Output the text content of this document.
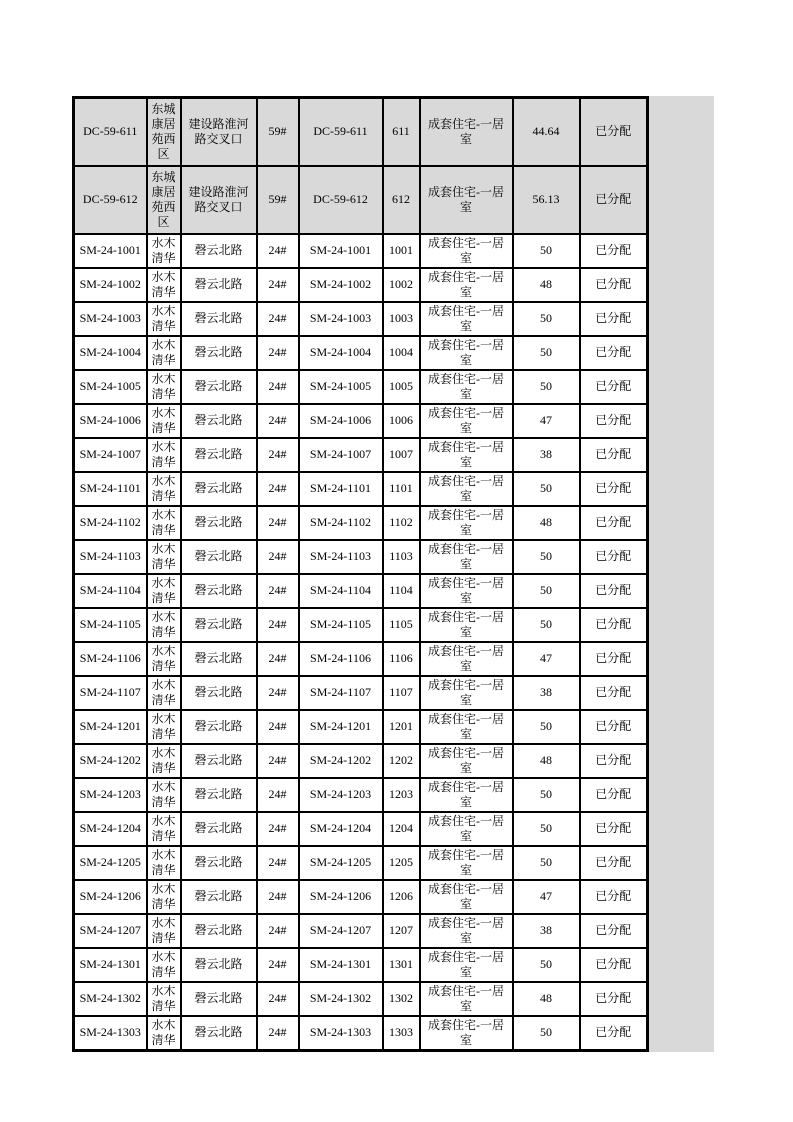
DC-59-611	东城康居苑西区	建设路淮河路交叉口	59#	DC-59-611	611	成套住宅-一居室	44.64	已分配
DC-59-612	东城康居苑西区	建设路淮河路交叉口	59#	DC-59-612	612	成套住宅-一居室	56.13	已分配
SM-24-1001	水木清华	磬云北路	24#	SM-24-1001	1001	成套住宅-一居室	50	已分配
SM-24-1002	水木清华	磬云北路	24#	SM-24-1002	1002	成套住宅-一居室	48	已分配
SM-24-1003	水木清华	磬云北路	24#	SM-24-1003	1003	成套住宅-一居室	50	已分配
SM-24-1004	水木清华	磬云北路	24#	SM-24-1004	1004	成套住宅-一居室	50	已分配
SM-24-1005	水木清华	磬云北路	24#	SM-24-1005	1005	成套住宅-一居室	50	已分配
SM-24-1006	水木清华	磬云北路	24#	SM-24-1006	1006	成套住宅-一居室	47	已分配
SM-24-1007	水木清华	磬云北路	24#	SM-24-1007	1007	成套住宅-一居室	38	已分配
SM-24-1101	水木清华	磬云北路	24#	SM-24-1101	1101	成套住宅-一居室	50	已分配
SM-24-1102	水木清华	磬云北路	24#	SM-24-1102	1102	成套住宅-一居室	48	已分配
SM-24-1103	水木清华	磬云北路	24#	SM-24-1103	1103	成套住宅-一居室	50	已分配
SM-24-1104	水木清华	磬云北路	24#	SM-24-1104	1104	成套住宅-一居室	50	已分配
SM-24-1105	水木清华	磬云北路	24#	SM-24-1105	1105	成套住宅-一居室	50	已分配
SM-24-1106	水木清华	磬云北路	24#	SM-24-1106	1106	成套住宅-一居室	47	已分配
SM-24-1107	水木清华	磬云北路	24#	SM-24-1107	1107	成套住宅-一居室	38	已分配
SM-24-1201	水木清华	磬云北路	24#	SM-24-1201	1201	成套住宅-一居室	50	已分配
SM-24-1202	水木清华	磬云北路	24#	SM-24-1202	1202	成套住宅-一居室	48	已分配
SM-24-1203	水木清华	磬云北路	24#	SM-24-1203	1203	成套住宅-一居室	50	已分配
SM-24-1204	水木清华	磬云北路	24#	SM-24-1204	1204	成套住宅-一居室	50	已分配
SM-24-1205	水木清华	磬云北路	24#	SM-24-1205	1205	成套住宅-一居室	50	已分配
SM-24-1206	水木清华	磬云北路	24#	SM-24-1206	1206	成套住宅-一居室	47	已分配
SM-24-1207	水木清华	磬云北路	24#	SM-24-1207	1207	成套住宅-一居室	38	已分配
SM-24-1301	水木清华	磬云北路	24#	SM-24-1301	1301	成套住宅-一居室	50	已分配
SM-24-1302	水木清华	磬云北路	24#	SM-24-1302	1302	成套住宅-一居室	48	已分配
SM-24-1303	水木清华	磬云北路	24#	SM-24-1303	1303	成套住宅-一居室	50	已分配
